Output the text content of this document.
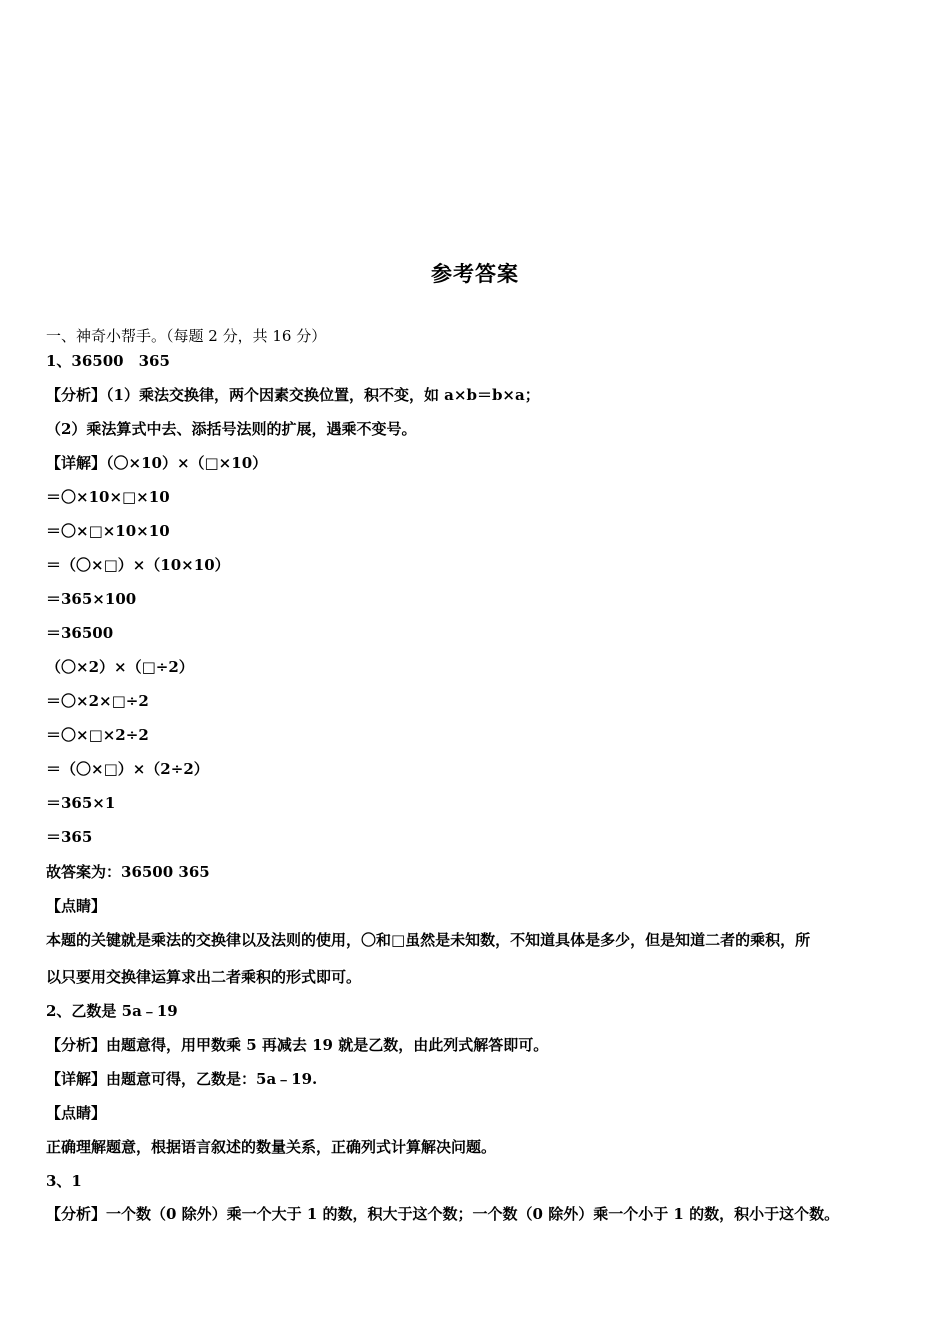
参考答案
一、神奇小帮手。（每题 2 分，共 16 分）
1、36500　365
【分析】（1）乘法交换律，两个因素交换位置，积不变，如 a×b＝b×a；
（2）乘法算式中去、添括号法则的扩展，遇乘不变号。
【详解】（〇×10）×（□×10）
＝〇×10×□×10
＝〇×□×10×10
＝（〇×□）×（10×10）
＝365×100
＝36500
（〇×2）×（□÷2）
＝〇×2×□÷2
＝〇×□×2÷2
＝（〇×□）×（2÷2）
＝365×1
＝365
故答案为：36500 365
【点睛】
本题的关键就是乘法的交换律以及法则的使用，〇和□虽然是未知数，不知道具体是多少，但是知道二者的乘积，所
以只要用交换律运算求出二者乘积的形式即可。
2、乙数是 5a﹣19
【分析】由题意得，用甲数乘 5 再减去 19 就是乙数，由此列式解答即可。
【详解】由题意可得，乙数是：5a﹣19.
【点睛】
正确理解题意，根据语言叙述的数量关系，正确列式计算解决问题。
3、1
【分析】一个数（0 除外）乘一个大于 1 的数，积大于这个数；一个数（0 除外）乘一个小于 1 的数，积小于这个数。
